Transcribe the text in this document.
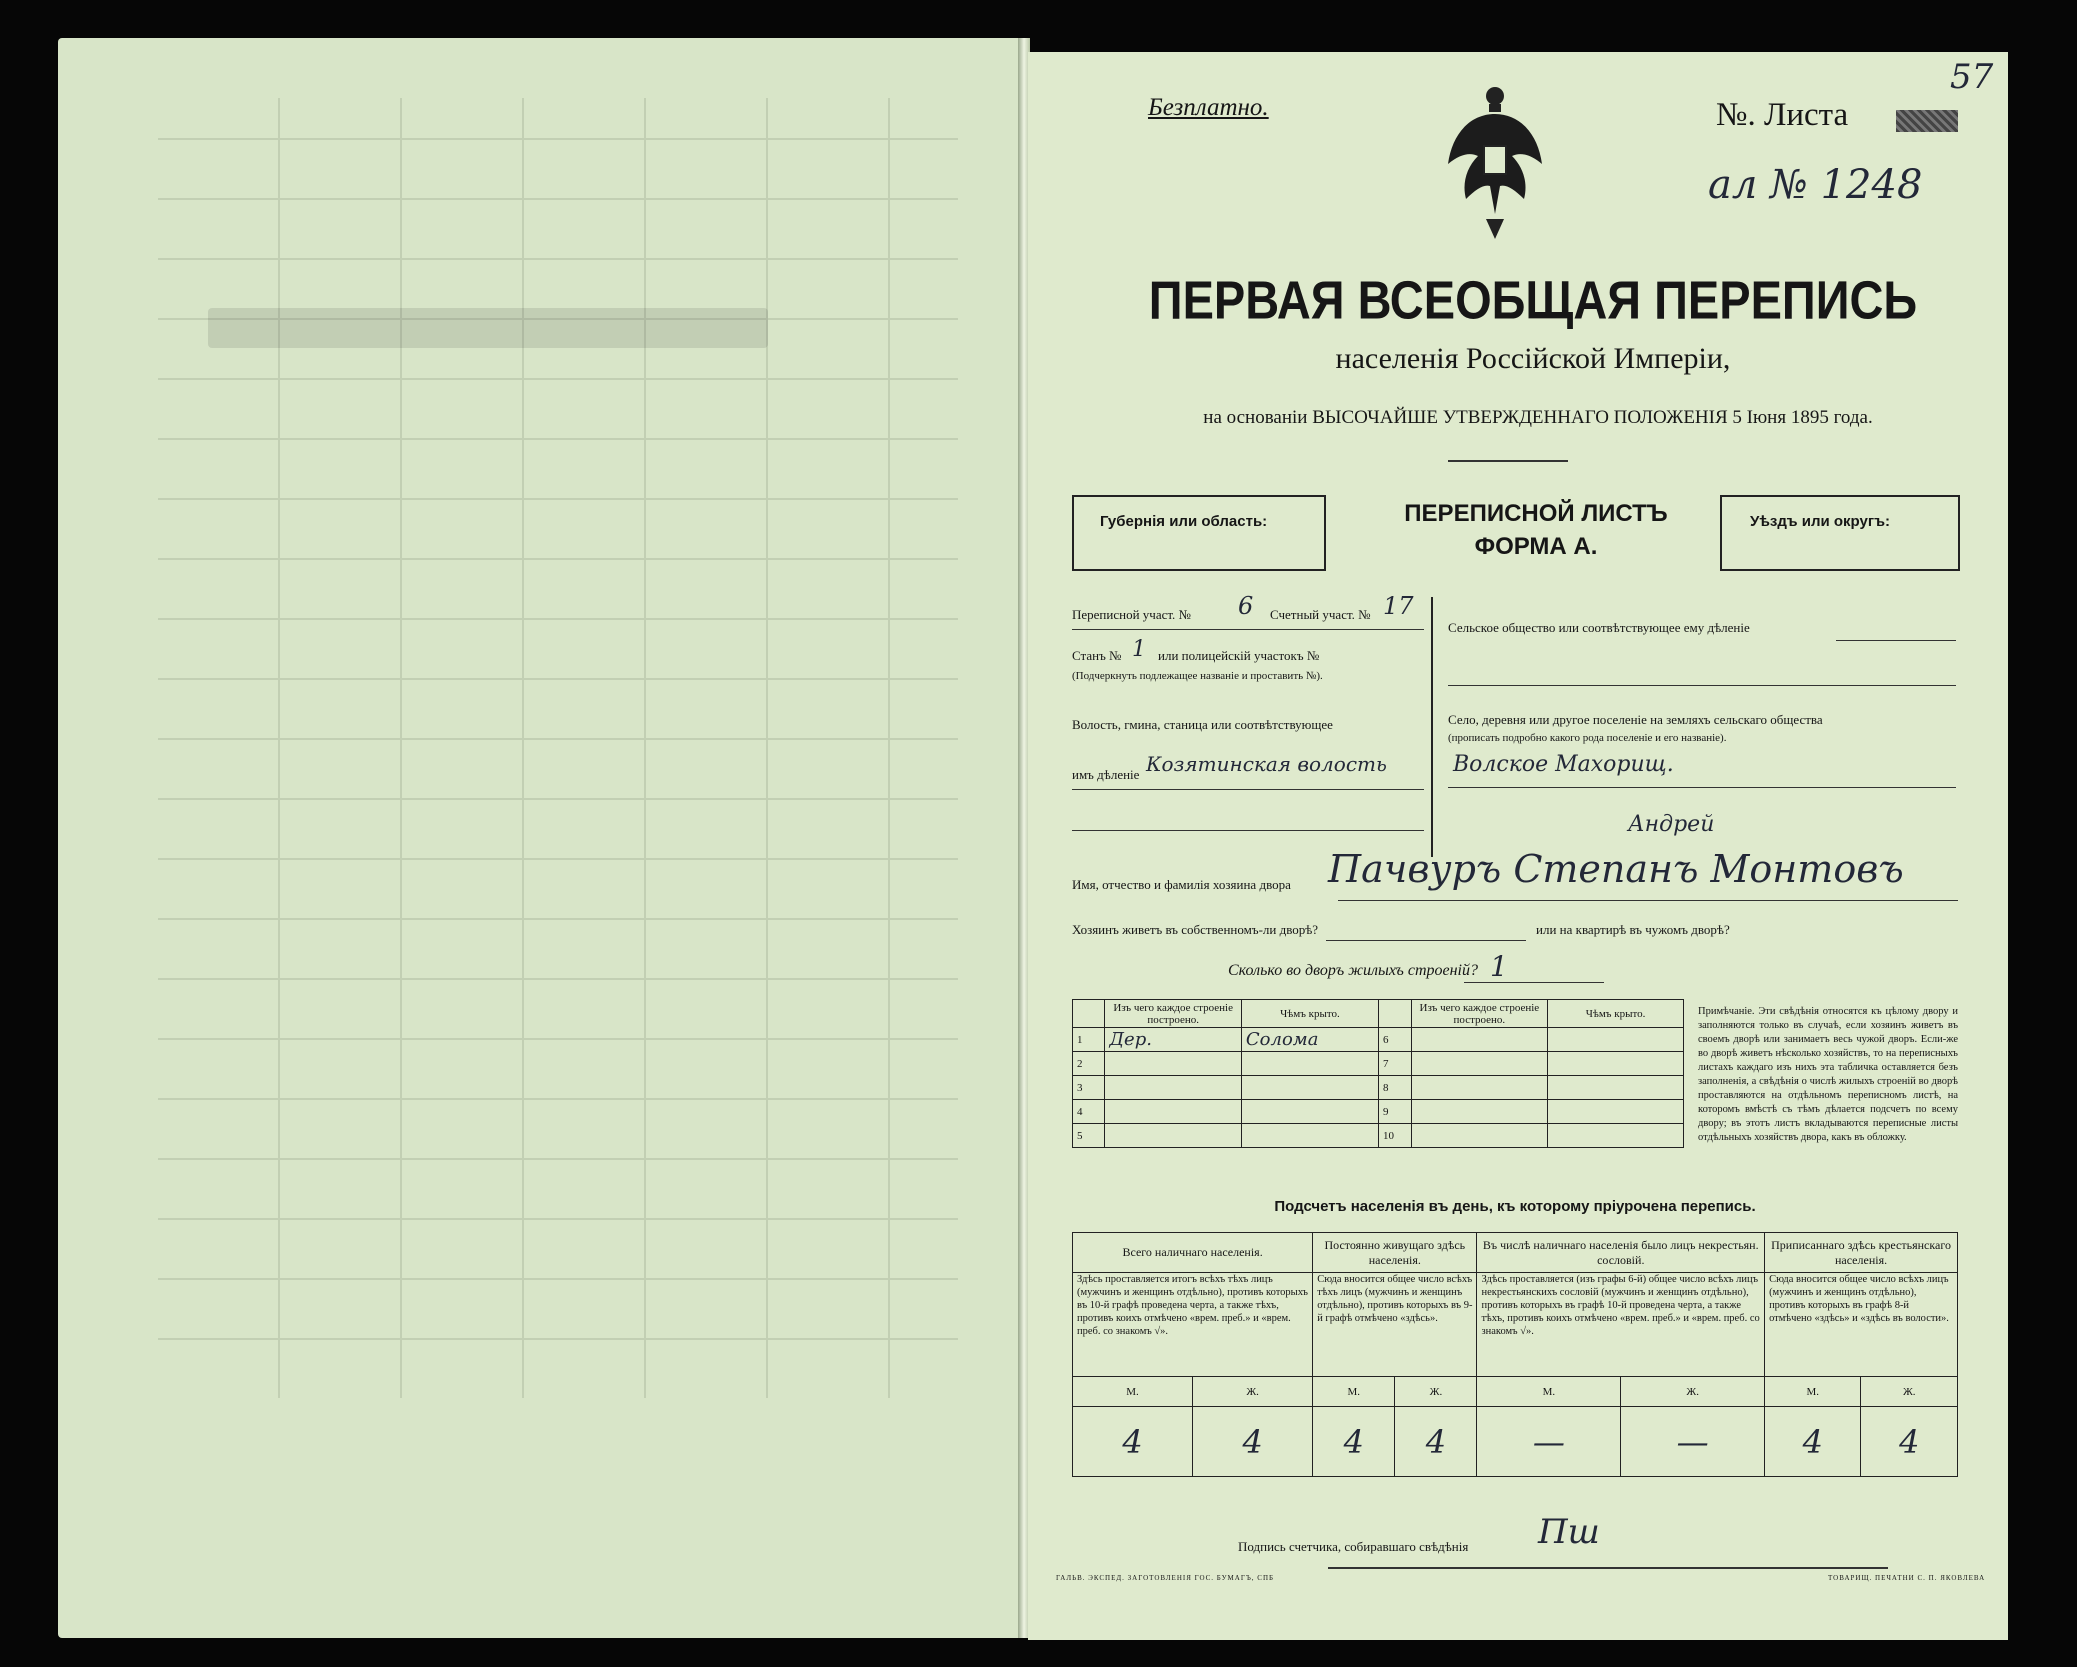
Безплатно.	№. Листа
ал № 1248
57
ПЕРВАЯ ВСЕОБЩАЯ ПЕРЕПИСЬ
населенія Россійской Имперіи,
на основаніи ВЫСОЧАЙШЕ УТВЕРЖДЕННАГО ПОЛОЖЕНІЯ 5 Іюня 1895 года.
Губернія или область:	ПЕРЕПИСНОЙ ЛИСТЪ
ФОРМА А.
Уѣздъ или округъ:
Переписной участ. № 6 Счетный участ. № 17
Станъ № 1 или полицейскій участокъ №
(Подчеркнуть подлежащее названіе и проставить №).
Волость, гмина, станица или соотвѣтствующее
имъ дѣленіе Козятинская волость
Сельское общество или соотвѣтствующее ему дѣленіе
Село, деревня или другое поселеніе на земляхъ сельскаго общества
(прописать подробно какого рода поселеніе и его названіе).
Волское Махорищ.
Андрей
Имя, отчество и фамилія хозяина двора Пачвуръ Степанъ Монтовъ
Хозяинъ живетъ въ собственномъ-ли дворѣ?	или на квартирѣ въ чужомъ дворѣ?
Сколько во дворъ жилыхъ строеній? 1
	Изъ чего каждое строеніе построено.	Чѣмъ крыто.		Изъ чего каждое строеніе построено.	Чѣмъ крыто.
1	Дер.	Солома	6		
2			7		
3			8		
4			9		
5			10		
Примѣчаніе. Эти свѣдѣнія относятся къ цѣлому двору и заполняются только въ случаѣ, если хозяинъ живетъ въ своемъ дворѣ или занимаетъ весь чужой дворъ. Если-же во дворѣ живетъ нѣсколько хозяйствъ, то на переписныхъ листахъ каждаго изъ нихъ эта табличка оставляется безъ заполненія, а свѣдѣнія о числѣ жилыхъ строеній во дворѣ проставляются на отдѣльномъ переписномъ листѣ, на которомъ вмѣстѣ съ тѣмъ дѣлается подсчетъ по всему двору; въ этотъ листъ вкладываются переписные листы отдѣльныхъ хозяйствъ двора, какъ въ обложку.
Подсчетъ населенія въ день, къ которому пріурочена перепись.
Всего наличнаго населенія.		Постоянно живущаго здѣсь населенія.		Въ числѣ наличнаго населенія было лицъ некрестьян. сословій.		Приписаннаго здѣсь крестьянскаго населенія.	
Здѣсь проставляется итогъ всѣхъ тѣхъ лицъ (мужчинъ и женщинъ отдѣльно), противъ которыхъ въ 10-й графѣ проведена черта, а также тѣхъ, противъ коихъ отмѣчено «врем. преб.» и «врем. преб. со знакомъ √».		Сюда вносится общее число всѣхъ тѣхъ лицъ (мужчинъ и женщинъ отдѣльно), противъ которыхъ въ 9-й графѣ отмѣчено «здѣсь».		Здѣсь проставляется (изъ графы 6-й) общее число всѣхъ лицъ некрестьянскихъ сословій (мужчинъ и женщинъ отдѣльно), противъ которыхъ въ графѣ 10-й проведена черта, а также тѣхъ, противъ коихъ отмѣчено «врем. преб.» и «врем. преб. со знакомъ √».		Сюда вносится общее число всѣхъ лицъ (мужчинъ и женщинъ отдѣльно), противъ которыхъ въ графѣ 8-й отмѣчено «здѣсь» и «здѣсь въ волости».	
М.	Ж.	М.	Ж.	М.	Ж.	М.	Ж.
4	4	4	4	—	—	4	4
Подпись счетчика, собиравшаго свѣдѣнія Пш
ГАЛЬВ. ЭКСПЕД. ЗАГОТОВЛЕНІЯ ГОС. БУМАГЪ, СПБ	ТОВАРИЩ. ПЕЧАТНИ С. П. ЯКОВЛЕВА
